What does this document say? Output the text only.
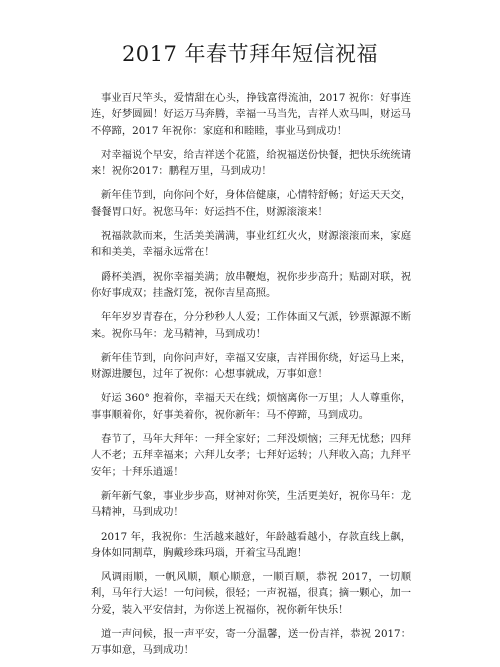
2017 年春节拜年短信祝福

事业百尺竿头，爱情甜在心头，挣钱富得流油，2017 祝你：好事连连，好梦圆圆！好运万马奔腾，幸福一马当先，吉祥人欢马叫，财运马不停蹄，2017 年祝你：家庭和和睦睦，事业马到成功！

对幸福说个早安，给吉祥送个花篮，给祝福送份快餐，把快乐统统请来！祝你2017：鹏程万里，马到成功！

新年佳节到，向你问个好，身体倍健康，心情特舒畅；好运天天交，餐餐胃口好。祝您马年：好运挡不住，财源滚滚来！

祝福款款而来，生活美美满满，事业红红火火，财源滚滚而来，家庭和和美美，幸福永远常在！

爵杯美酒，祝你幸福美满；放串鞭炮，祝你步步高升；贴副对联，祝你好事成双；挂盏灯笼，祝你吉星高照。

年年岁岁青春在，分分秒秒人人爱；工作体面又气派，钞票源源不断来。祝你马年：龙马精神，马到成功！

新年佳节到，向你问声好，幸福又安康，吉祥围你绕，好运马上来，财源进腰包，过年了祝你：心想事就成，万事如意！

好运 360° 抱着你，幸福天天在线；烦恼离你一万里；人人尊重你，事事顺着你，好事美着你，祝你新年：马不停蹄，马到成功。

春节了，马年大拜年：一拜全家好；二拜没烦恼；三拜无忧愁；四拜人不老；五拜幸福来；六拜儿女孝；七拜好运转；八拜收入高；九拜平安年；十拜乐逍遥！

新年新气象，事业步步高，财神对你笑，生活更美好，祝你马年：龙马精神，马到成功！

2017 年，我祝你：生活越来越好，年龄越看越小，存款直线上飙，身体如同割草，胸戴珍珠玛瑙，开着宝马乱跑！

风调雨顺，一帆风顺，顺心顺意，一顺百顺，恭祝 2017，一切顺利，马年行大运！一句问候，很轻；一声祝福，很真；摘一颗心，加一分爱，装入平安信封，为你送上祝福你，祝你新年快乐！

道一声问候，报一声平安，寄一分温馨，送一份吉祥，恭祝 2017：万事如意，马到成功！
